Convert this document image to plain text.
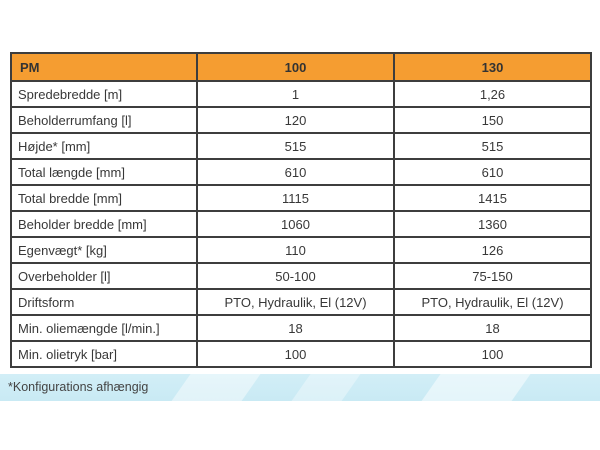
PM	100	130
Spredebredde [m]	1	1,26
Beholderrumfang [l]	120	150
Højde* [mm]	515	515
Total længde [mm]	610	610
Total bredde [mm]	1115	1415
Beholder bredde [mm]	1060	1360
Egenvægt* [kg]	110	126
Overbeholder [l]	50-100	75-150
Driftsform	PTO, Hydraulik, El (12V)	PTO, Hydraulik, El (12V)
Min. oliemængde [l/min.]	18	18
Min. olietryk [bar]	100	100
*Konfigurations afhængig
